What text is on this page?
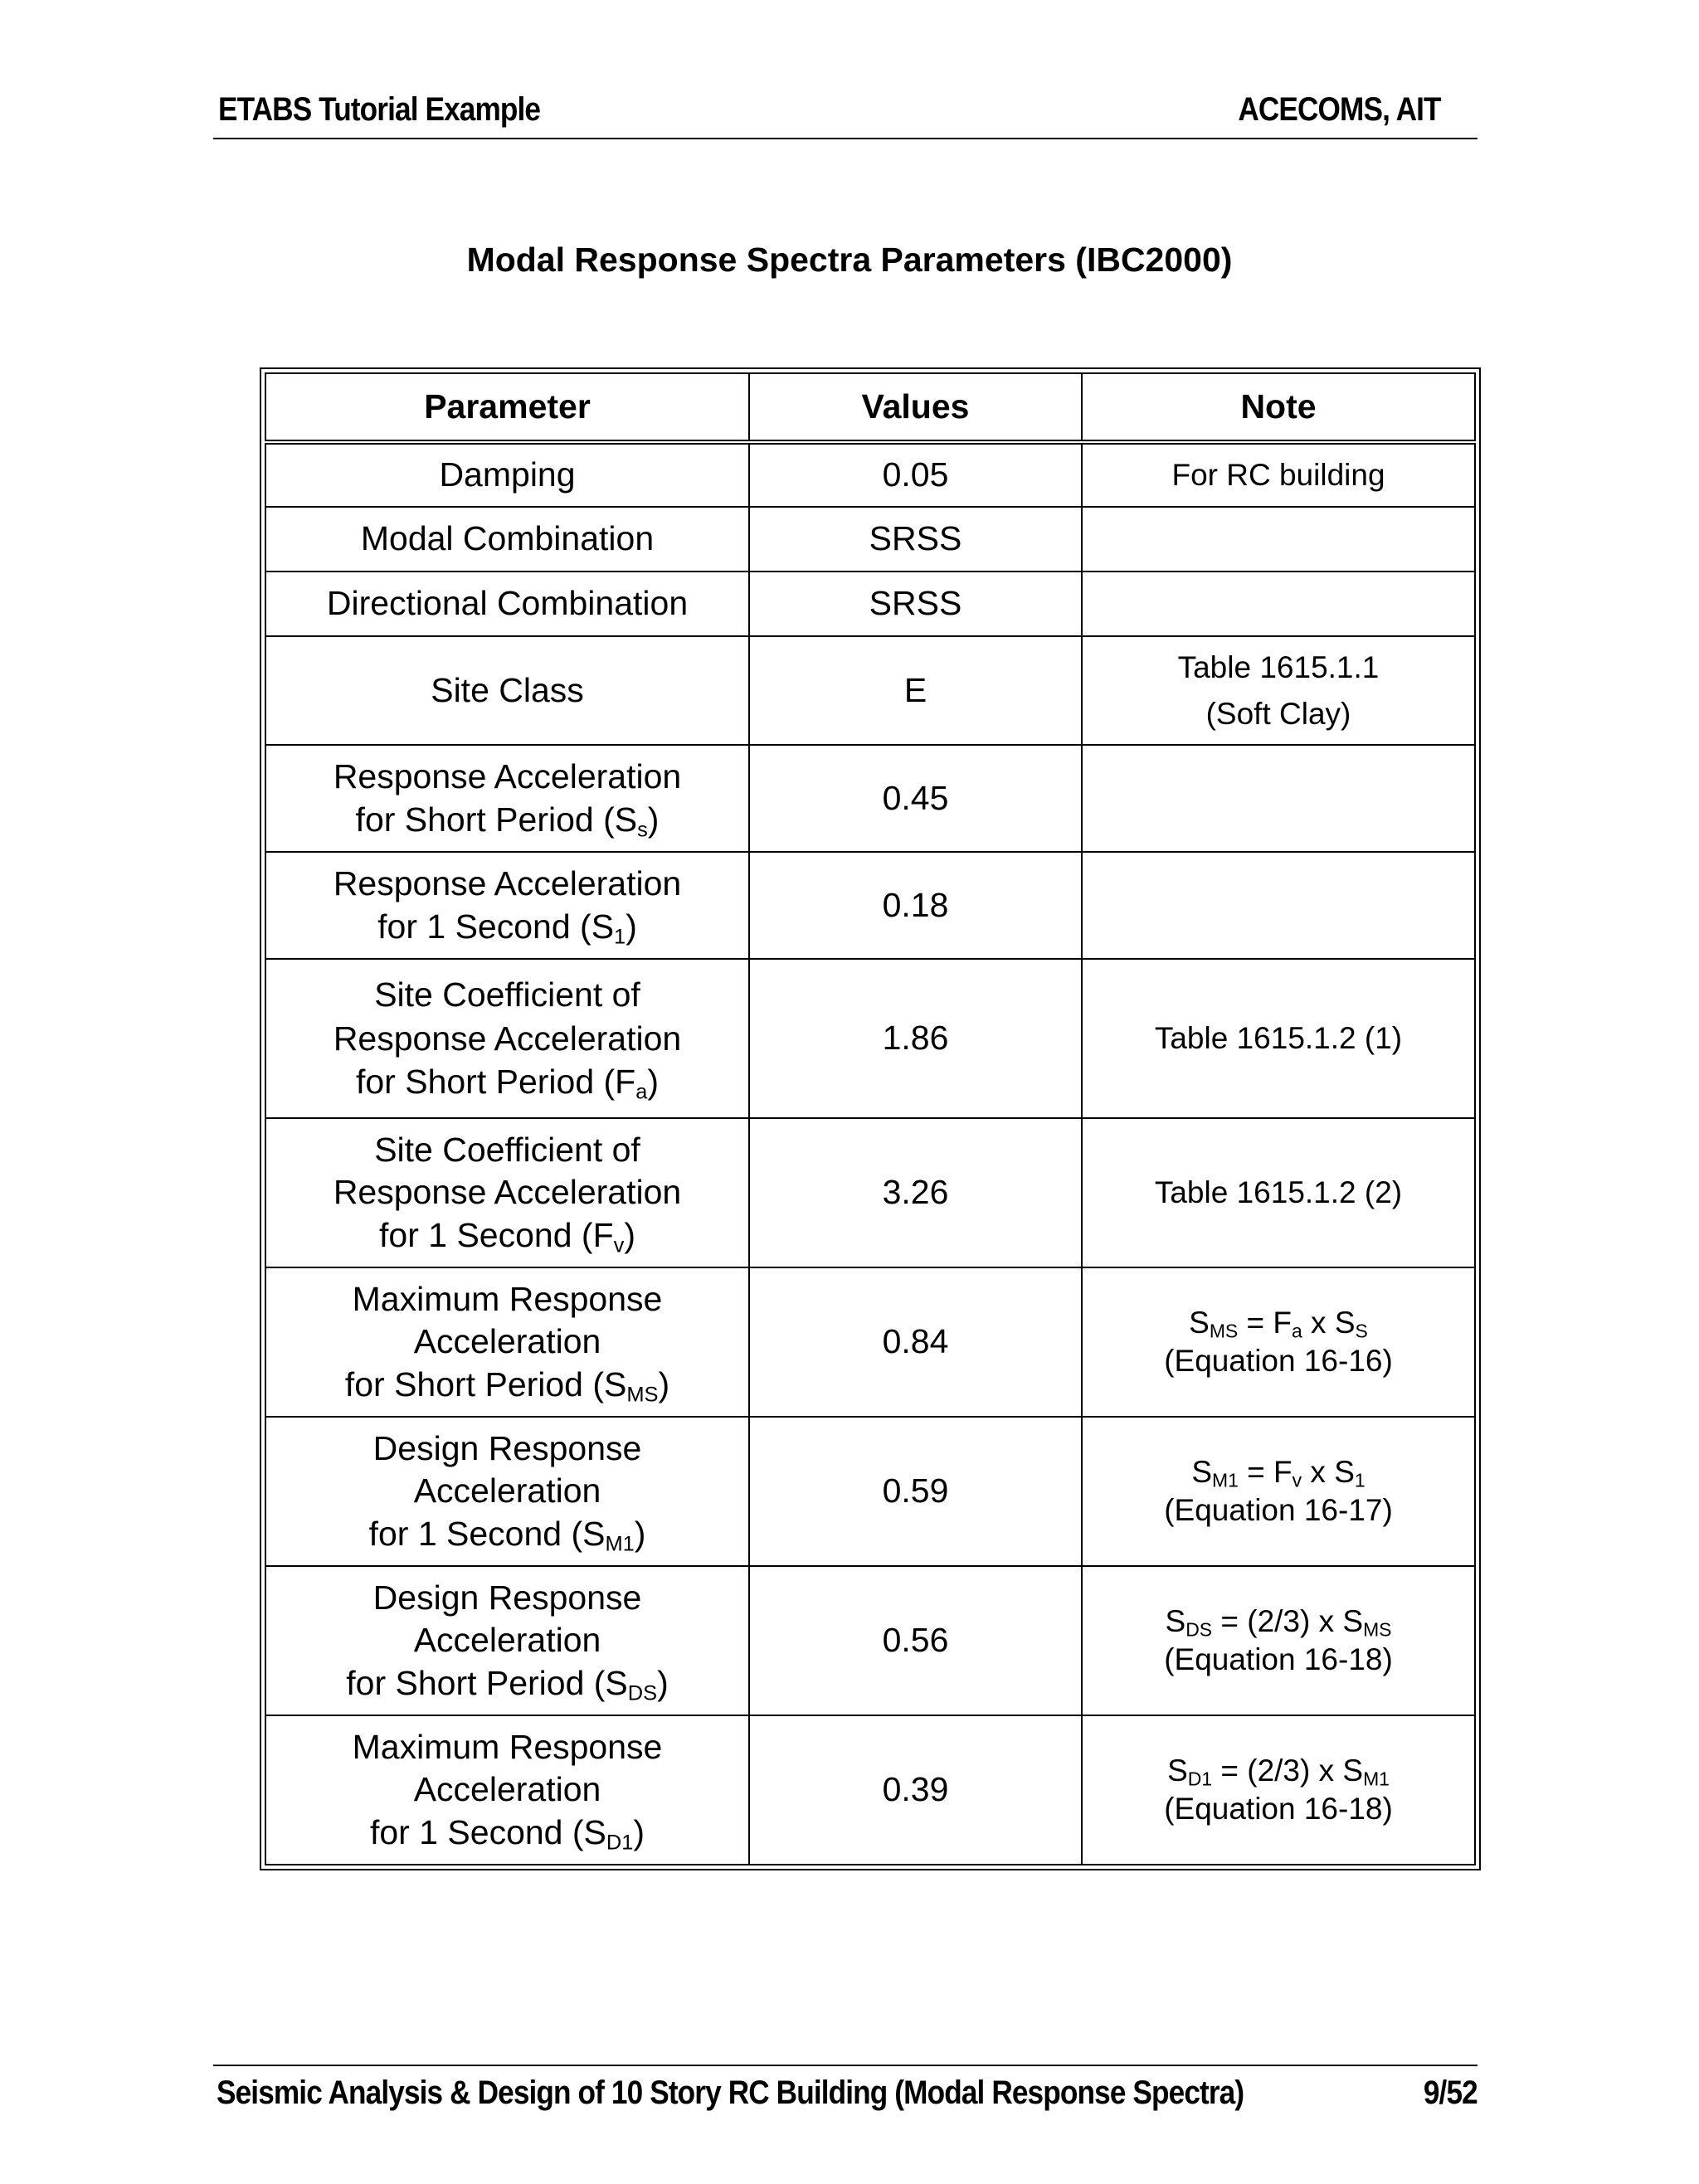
ETABS Tutorial Example	ACECOMS, AIT
Modal Response Spectra Parameters (IBC2000)
Parameter	Values	Note
Damping	0.05	For RC building
Modal Combination	SRSS	
Directional Combination	SRSS	
Site Class	E	Table 1615.1.1
(Soft Clay)
Response Acceleration
for Short Period $(S_s)$	0.45	
Response Acceleration
for 1 Second $(S_1)$	0.18	
Site Coefficient of
Response Acceleration
for Short Period $(F_a)$	1.86	Table 1615.1.2 (1)
Site Coefficient of
Response Acceleration
for 1 Second $(F_v)$	3.26	Table 1615.1.2 (2)
Maximum Response
Acceleration
for Short Period $(S_{MS})$	0.84	$S_{MS} = F_a$ x $S_S$
(Equation 16-16)
Design Response
Acceleration
for 1 Second $(S_{M1})$	0.59	$S_{M1} = F_v$ x $S_1$
(Equation 16-17)
Design Response
Acceleration
for Short Period $(S_{DS})$	0.56	$S_{DS} = (2/3)$ x $S_{MS}$
(Equation 16-18)
Maximum Response
Acceleration
for 1 Second $(S_{D1})$	0.39	$S_{D1} = (2/3)$ x $S_{M1}$
(Equation 16-18)
Seismic Analysis & Design of 10 Story RC Building (Modal Response Spectra)	9/52
